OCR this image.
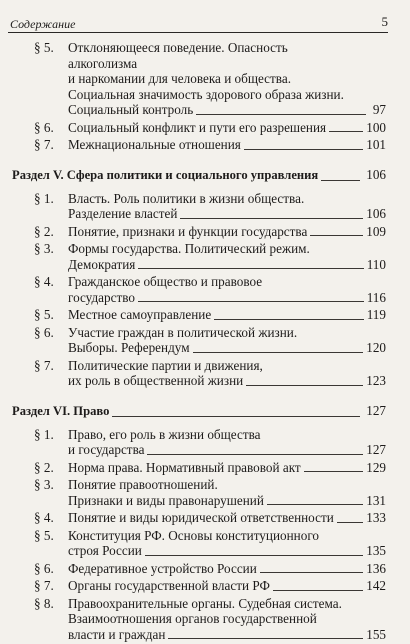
Содержание	5
§ 5.	Отклоняющееся поведение. Опасность алкоголизма
и наркомании для человека и общества.
Социальная значимость здорового образа жизни.
Социальный контроль	97
§ 6.	Социальный конфликт и пути его разрешения	100
§ 7.	Межнациональные отношения	101
Раздел V. Сфера политики и социального управления	106
§ 1.	Власть. Роль политики в жизни общества.
Разделение властей	106
§ 2.	Понятие, признаки и функции государства	109
§ 3.	Формы государства. Политический режим.
Демократия	110
§ 4.	Гражданское общество и правовое
государство	116
§ 5.	Местное самоуправление	119
§ 6.	Участие граждан в политической жизни.
Выборы. Референдум	120
§ 7.	Политические партии и движения,
их роль в общественной жизни	123
Раздел VI. Право	127
§ 1.	Право, его роль в жизни общества
и государства	127
§ 2.	Норма права. Нормативный правовой акт	129
§ 3.	Понятие правоотношений.
Признаки и виды правонарушений	131
§ 4.	Понятие и виды юридической ответственности	133
§ 5.	Конституция РФ. Основы конституционного
строя России	135
§ 6.	Федеративное устройство России	136
§ 7.	Органы государственной власти РФ	142
§ 8.	Правоохранительные органы. Судебная система.
Взаимоотношения органов государственной
власти и граждан	155
